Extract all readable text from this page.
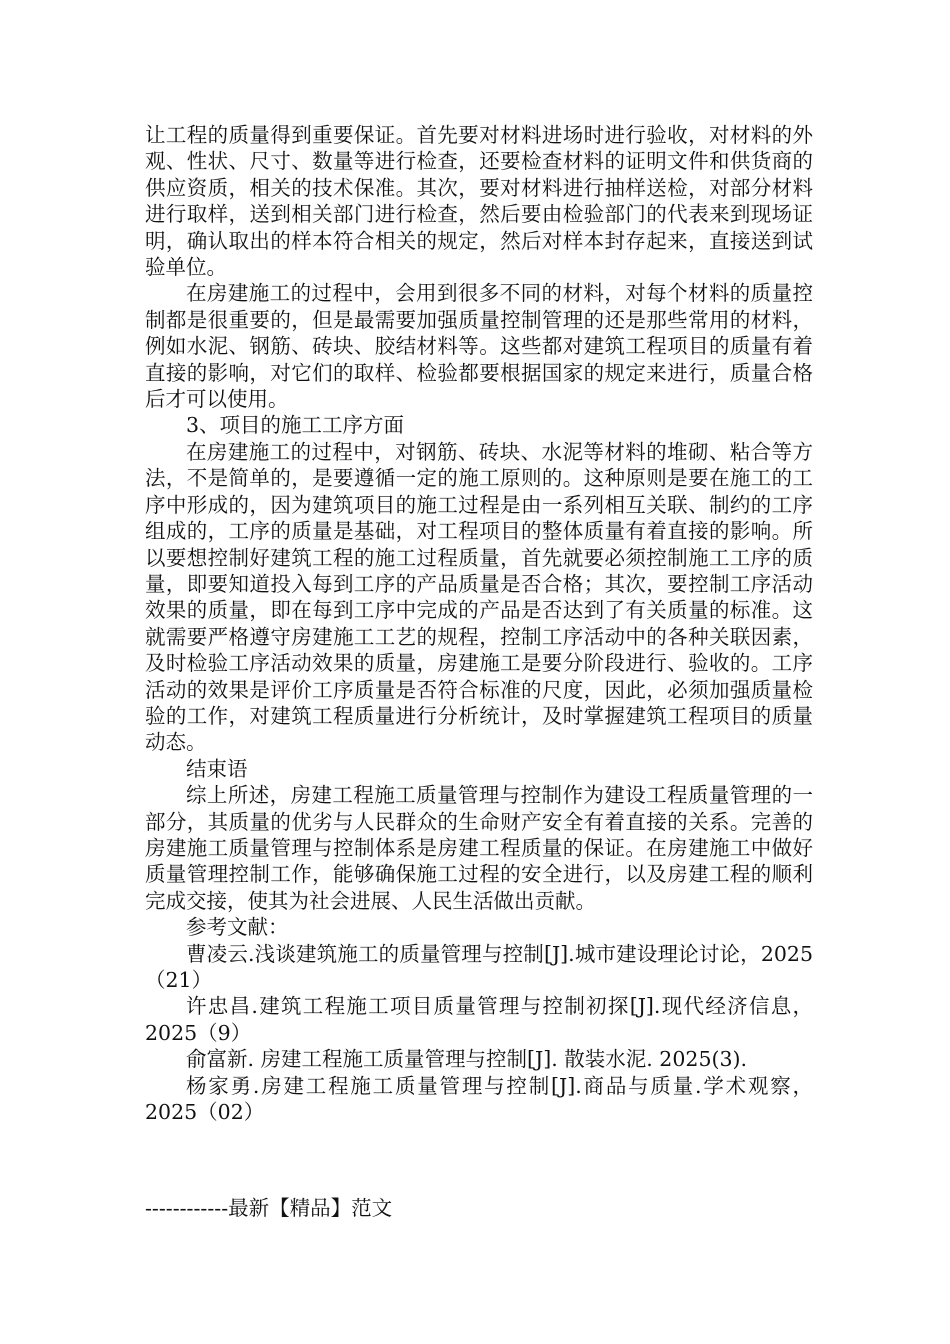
让工程的质量得到重要保证。首先要对材料进场时进行验收，对材料的外观、性状、尺寸、数量等进行检查，还要检查材料的证明文件和供货商的供应资质，相关的技术保准。其次，要对材料进行抽样送检，对部分材料进行取样，送到相关部门进行检查，然后要由检验部门的代表来到现场证明，确认取出的样本符合相关的规定，然后对样本封存起来，直接送到试验单位。

在房建施工的过程中，会用到很多不同的材料，对每个材料的质量控制都是很重要的，但是最需要加强质量控制管理的还是那些常用的材料，例如水泥、钢筋、砖块、胶结材料等。这些都对建筑工程项目的质量有着直接的影响，对它们的取样、检验都要根据国家的规定来进行，质量合格后才可以使用。

3、项目的施工工序方面

在房建施工的过程中，对钢筋、砖块、水泥等材料的堆砌、粘合等方法，不是简单的，是要遵循一定的施工原则的。这种原则是要在施工的工序中形成的，因为建筑项目的施工过程是由一系列相互关联、制约的工序组成的，工序的质量是基础，对工程项目的整体质量有着直接的影响。所以要想控制好建筑工程的施工过程质量，首先就要必须控制施工工序的质量，即要知道投入每到工序的产品质量是否合格；其次，要控制工序活动效果的质量，即在每到工序中完成的产品是否达到了有关质量的标准。这就需要严格遵守房建施工工艺的规程，控制工序活动中的各种关联因素，及时检验工序活动效果的质量，房建施工是要分阶段进行、验收的。工序活动的效果是评价工序质量是否符合标准的尺度，因此，必须加强质量检验的工作，对建筑工程质量进行分析统计，及时掌握建筑工程项目的质量动态。

结束语

综上所述，房建工程施工质量管理与控制作为建设工程质量管理的一部分，其质量的优劣与人民群众的生命财产安全有着直接的关系。完善的房建施工质量管理与控制体系是房建工程质量的保证。在房建施工中做好质量管理控制工作，能够确保施工过程的安全进行，以及房建工程的顺利完成交接，使其为社会进展、人民生活做出贡献。

参考文献：

曹凌云.浅谈建筑施工的质量管理与控制[J].城市建设理论讨论，2025（21）

许忠昌.建筑工程施工项目质量管理与控制初探[J].现代经济信息，2025（9）

俞富新. 房建工程施工质量管理与控制[J]. 散装水泥. 2025(3).

杨家勇.房建工程施工质量管理与控制[J].商品与质量.学术观察，2025（02）

------------最新【精品】范文
